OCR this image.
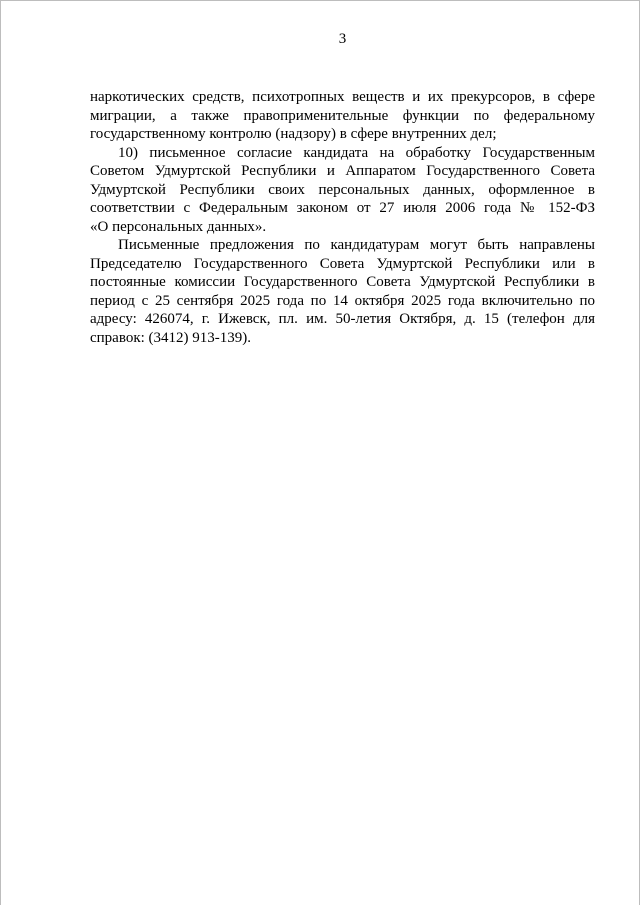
3

наркотических средств, психотропных веществ и их прекурсоров, в сфере
миграции, а также правоприменительные функции по федеральному
государственному контролю (надзору) в сфере внутренних дел;

10) письменное согласие кандидата на обработку Государственным
Советом Удмуртской Республики и Аппаратом Государственного Совета
Удмуртской Республики своих персональных данных, оформленное в
соответствии с Федеральным законом от 27 июля 2006 года № 152-ФЗ
«О персональных данных».

Письменные предложения по кандидатурам могут быть направлены
Председателю Государственного Совета Удмуртской Республики или в
постоянные комиссии Государственного Совета Удмуртской Республики в
период с 25 сентября 2025 года по 14 октября 2025 года включительно по
адресу: 426074, г. Ижевск, пл. им. 50-летия Октября, д. 15 (телефон для
справок: (3412) 913-139).
